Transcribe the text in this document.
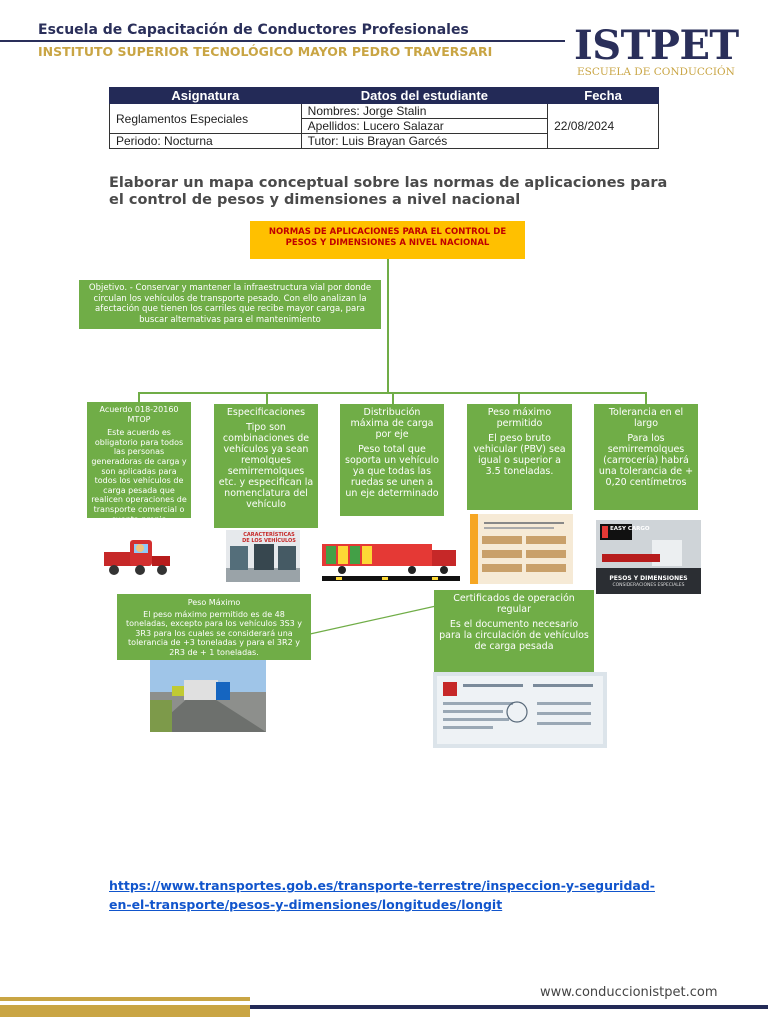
Escuela de Capacitación de Conductores Profesionales
INSTITUTO SUPERIOR TECNOLÓGICO MAYOR PEDRO TRAVERSARI ISTPET
ESCUELA DE CONDUCCIÓN
Asignatura	Datos del estudiante	Fecha
Reglamentos Especiales	Nombres: Jorge Stalin	22/08/2024
	Apellidos: Lucero Salazar	
Periodo: Nocturna	Tutor: Luis Brayan Garcés	
Elaborar un mapa conceptual sobre las normas de aplicaciones para el control de pesos y dimensiones a nivel nacional
NORMAS DE APLICACIONES PARA EL CONTROL DE PESOS Y DIMENSIONES A NIVEL NACIONAL
Objetivo. - Conservar y mantener la infraestructura vial por donde circulan los vehículos de transporte pesado. Con ello analizan la afectación que tienen los carriles que recibe mayor carga, para buscar alternativas para el mantenimiento
Acuerdo 018-20160 MTOP
Este acuerdo es obligatorio para todos las personas generadoras de carga y son aplicadas para todos los vehículos de carga pesada que realicen operaciones de transporte comercial o cuenta propia
Especificaciones
Tipo son combinaciones de vehículos ya sean remolques semirremolques etc. y especifican la nomenclatura del vehículo
Distribución máxima de carga por eje
Peso total que soporta un vehículo ya que todas las ruedas se unen a un eje determinado
Peso máximo permitido
El peso bruto vehicular (PBV) sea igual o superior a 3.5 toneladas.
Tolerancia en el largo
Para los semirremolques (carrocería) habrá una tolerancia de + 0,20 centímetros
CARACTERÍSTICAS DE LOS VEHÍCULOS
EASY CARGO
PESOS Y DIMENSIONES
CONSIDERACIONES ESPECIALES
Peso Máximo
El peso máximo permitido es de 48 toneladas, excepto para los vehículos 3S3 y 3R3 para los cuales se considerará una tolerancia de +3 toneladas y para el 3R2 y 2R3 de + 1 toneladas.
Certificados de operación regular
Es el documento necesario para la circulación de vehículos de carga pesada
https://www.transportes.gob.es/transporte-terrestre/inspeccion-y-seguridad-en-el-transporte/pesos-y-dimensiones/longitudes/longit
www.conduccionistpet.com
